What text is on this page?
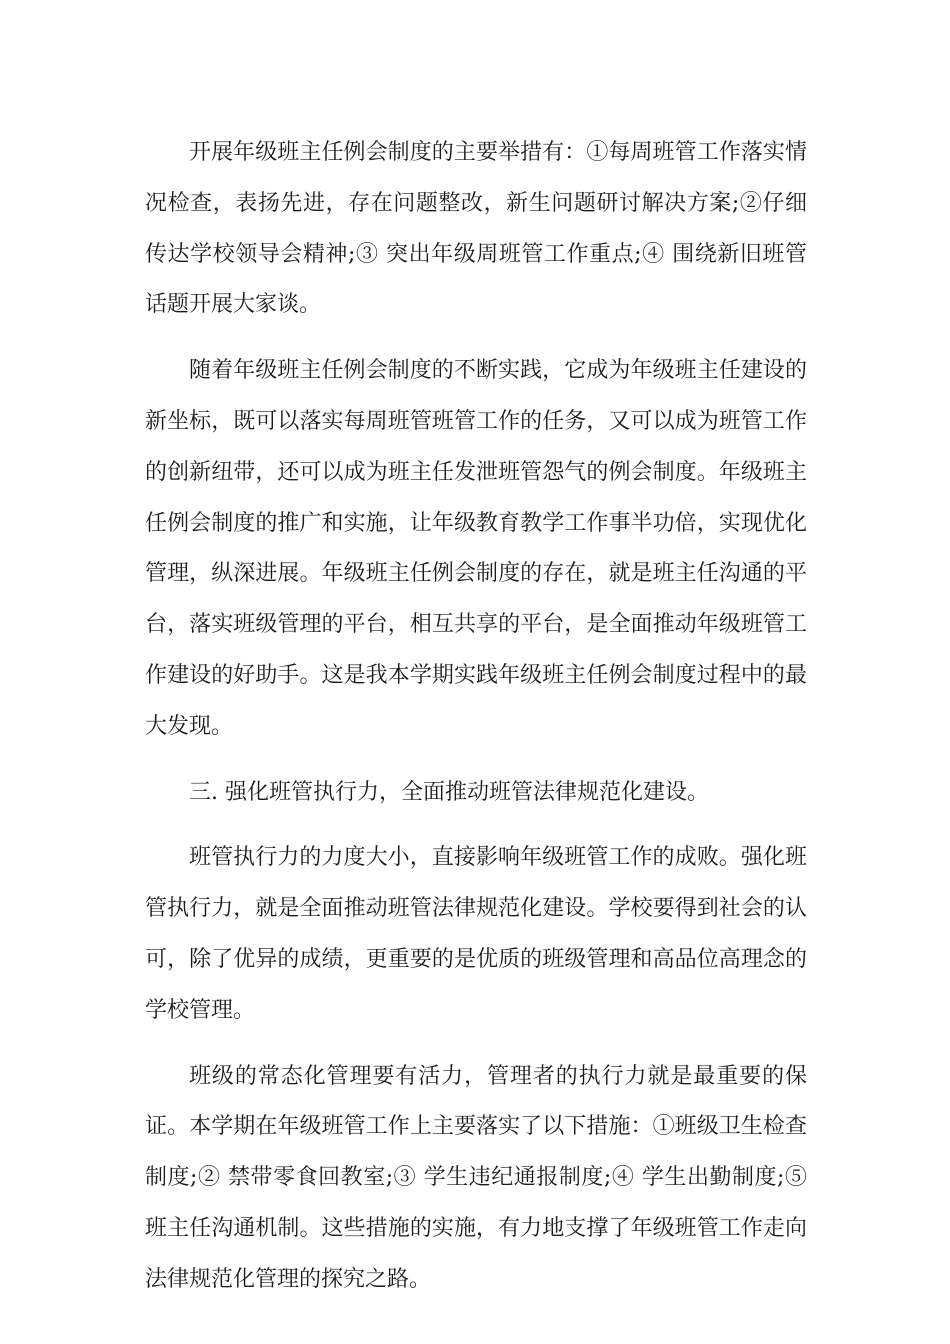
开展年级班主任例会制度的主要举措有：①每周班管工作落实情况检查，表扬先进，存在问题整改，新生问题研讨解决方案;②仔细传达学校领导会精神;③ 突出年级周班管工作重点;④ 围绕新旧班管话题开展大家谈。

随着年级班主任例会制度的不断实践，它成为年级班主任建设的新坐标，既可以落实每周班管班管工作的任务，又可以成为班管工作的创新纽带，还可以成为班主任发泄班管怨气的例会制度。年级班主任例会制度的推广和实施，让年级教育教学工作事半功倍，实现优化管理，纵深进展。年级班主任例会制度的存在，就是班主任沟通的平台，落实班级管理的平台，相互共享的平台，是全面推动年级班管工作建设的好助手。这是我本学期实践年级班主任例会制度过程中的最大发现。

三. 强化班管执行力，全面推动班管法律规范化建设。

班管执行力的力度大小，直接影响年级班管工作的成败。强化班管执行力，就是全面推动班管法律规范化建设。学校要得到社会的认可，除了优异的成绩，更重要的是优质的班级管理和高品位高理念的学校管理。

班级的常态化管理要有活力，管理者的执行力就是最重要的保证。本学期在年级班管工作上主要落实了以下措施：①班级卫生检查制度;② 禁带零食回教室;③ 学生违纪通报制度;④ 学生出勤制度;⑤ 班主任沟通机制。这些措施的实施，有力地支撑了年级班管工作走向法律规范化管理的探究之路。
